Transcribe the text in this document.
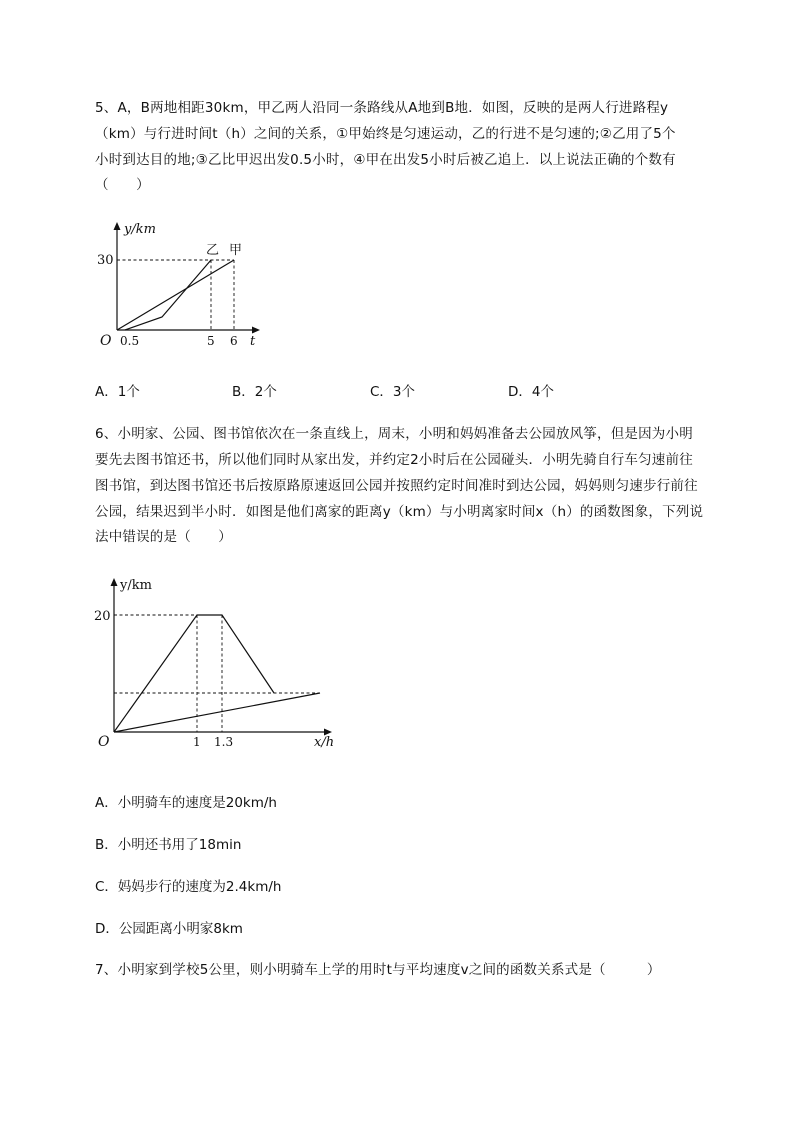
5、A，B两地相距30km，甲乙两人沿同一条路线从A地到B地．如图，反映的是两人行进路程y
（km）与行进时间t（h）之间的关系，①甲始终是匀速运动，乙的行进不是匀速的;②乙用了5个
小时到达目的地;③乙比甲迟出发0.5小时，④甲在出发5小时后被乙追上．以上说法正确的个数有
（　　）
y/km
30
O 0.5	5 6 t
乙 甲
A．1个	B．2个	C．3个	D．4个
6、小明家、公园、图书馆依次在一条直线上，周末，小明和妈妈准备去公园放风筝，但是因为小明
要先去图书馆还书，所以他们同时从家出发，并约定2小时后在公园碰头．小明先骑自行车匀速前往
图书馆，到达图书馆还书后按原路原速返回公园并按照约定时间准时到达公园，妈妈则匀速步行前往
公园，结果迟到半小时．如图是他们离家的距离y（km）与小明离家时间x（h）的函数图象，下列说
法中错误的是（　　）
y/km
20
O	1 1.3	x/h
A．小明骑车的速度是20km/h
B．小明还书用了18min
C．妈妈步行的速度为2.4km/h
D．公园距离小明家8km
7、小明家到学校5公里，则小明骑车上学的用时t与平均速度v之间的函数关系式是（　　　）
